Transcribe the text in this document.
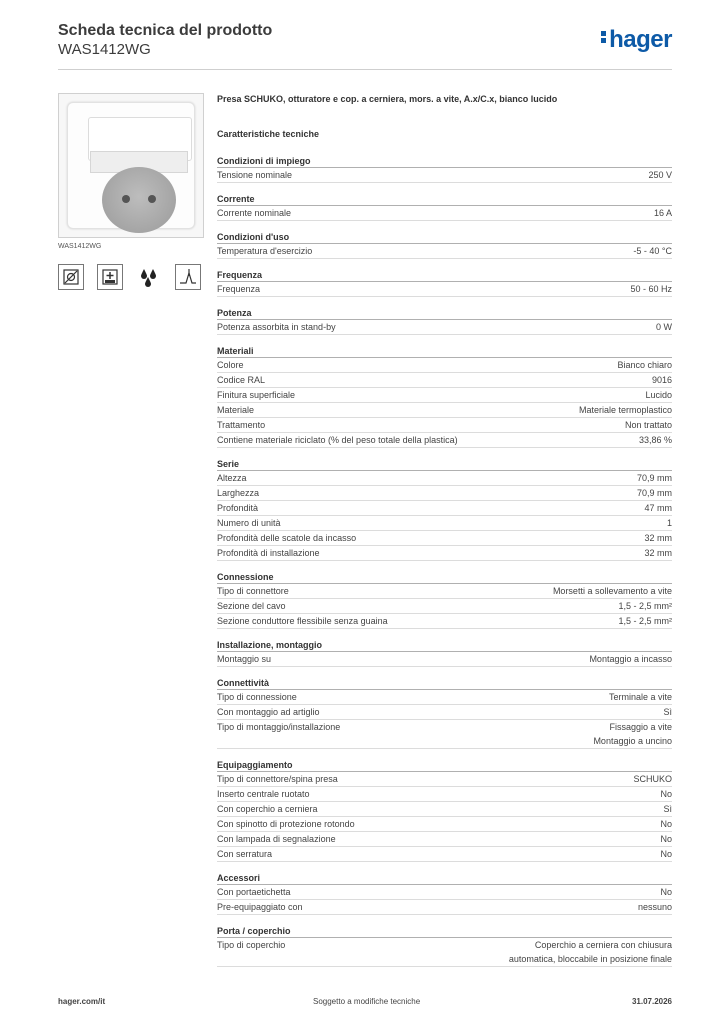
Scheda tecnica del prodotto
WAS1412WG	hager
WAS1412WG
Presa SCHUKO, otturatore e cop. a cerniera, mors. a vite, A.x/C.x, bianco lucido
Caratteristiche tecniche
Condizioni di impiego
Tensione nominale	250 V
Corrente
Corrente nominale	16 A
Condizioni d'uso
Temperatura d'esercizio	-5 - 40 °C
Frequenza
Frequenza	50 - 60 Hz
Potenza
Potenza assorbita in stand-by	0 W
Materiali
Colore	Bianco chiaro
Codice RAL	9016
Finitura superficiale	Lucido
Materiale	Materiale termoplastico
Trattamento	Non trattato
Contiene materiale riciclato (% del peso totale della plastica)	33,86 %
Serie
Altezza	70,9 mm
Larghezza	70,9 mm
Profondità	47 mm
Numero di unità	1
Profondità delle scatole da incasso	32 mm
Profondità di installazione	32 mm
Connessione
Tipo di connettore	Morsetti a sollevamento a vite
Sezione del cavo	1,5 - 2,5 mm²
Sezione conduttore flessibile senza guaina	1,5 - 2,5 mm²
Installazione, montaggio
Montaggio su	Montaggio a incasso
Connettività
Tipo di connessione	Terminale a vite
Con montaggio ad artiglio	Sì
Tipo di montaggio/installazione	Fissaggio a vite
Montaggio a uncino
Equipaggiamento
Tipo di connettore/spina presa	SCHUKO
Inserto centrale ruotato	No
Con coperchio a cerniera	Sì
Con spinotto di protezione rotondo	No
Con lampada di segnalazione	No
Con serratura	No
Accessori
Con portaetichetta	No
Pre-equipaggiato con	nessuno
Porta / coperchio
Tipo di coperchio	Coperchio a cerniera con chiusura
automatica, bloccabile in posizione finale
hager.com/it	Soggetto a modifiche tecniche	31.07.2026
